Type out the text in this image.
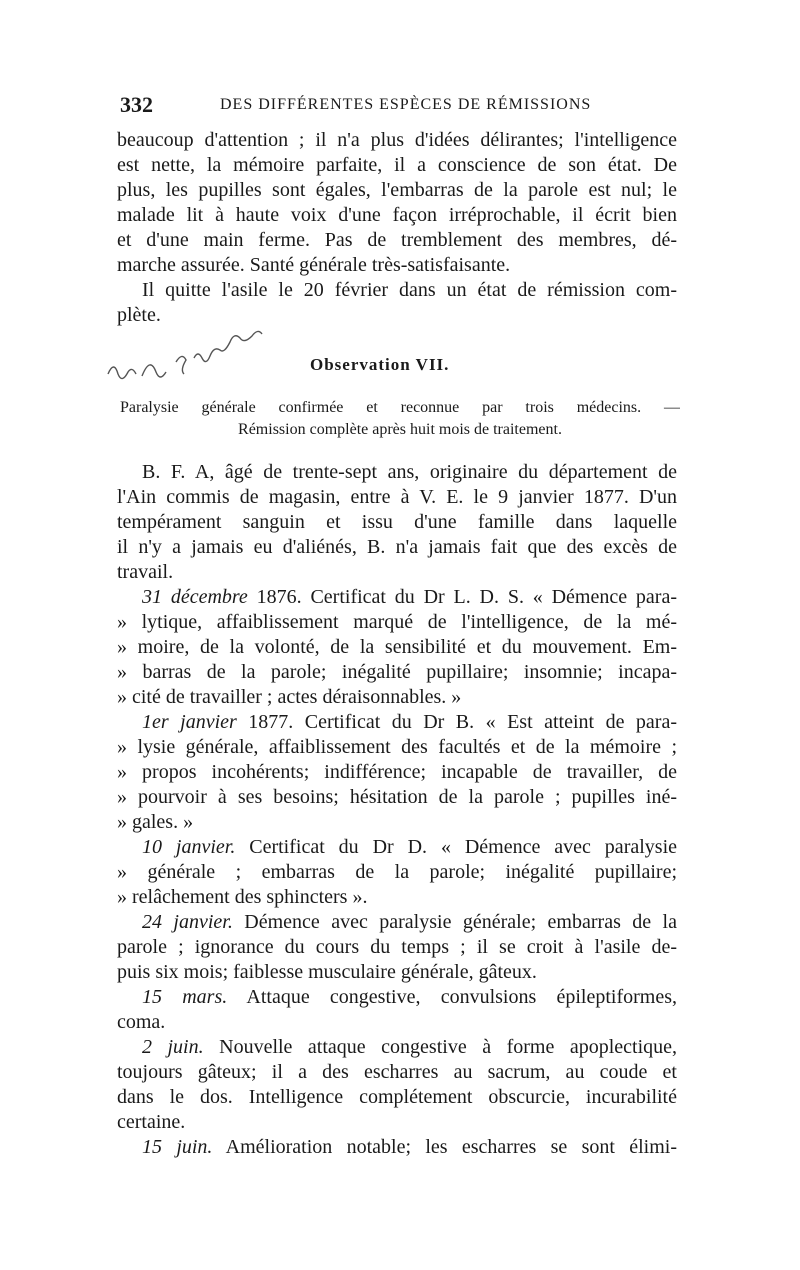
332	DES DIFFÉRENTES ESPÈCES DE RÉMISSIONS
beaucoup d'attention ; il n'a plus d'idées délirantes; l'intelligence
est nette, la mémoire parfaite, il a conscience de son état. De
plus, les pupilles sont égales, l'embarras de la parole est nul; le
malade lit à haute voix d'une façon irréprochable, il écrit bien
et d'une main ferme. Pas de tremblement des membres, dé-
marche assurée. Santé générale très-satisfaisante.
Il quitte l'asile le 20 février dans un état de rémission com-
plète.
Lèt. A. Franchet
Observation VII.
Paralysie générale confirmée et reconnue par trois médecins. —
Rémission complète après huit mois de traitement.
B. F. A, âgé de trente-sept ans, originaire du département de
l'Ain commis de magasin, entre à V. E. le 9 janvier 1877. D'un
tempérament sanguin et issu d'une famille dans laquelle
il n'y a jamais eu d'aliénés, B. n'a jamais fait que des excès de
travail.
31 décembre 1876. Certificat du Dr L. D. S. « Démence para-
» lytique, affaiblissement marqué de l'intelligence, de la mé-
» moire, de la volonté, de la sensibilité et du mouvement. Em-
» barras de la parole; inégalité pupillaire; insomnie; incapa-
» cité de travailler ; actes déraisonnables. »
1er janvier 1877. Certificat du Dr B. « Est atteint de para-
» lysie générale, affaiblissement des facultés et de la mémoire ;
» propos incohérents; indifférence; incapable de travailler, de
» pourvoir à ses besoins; hésitation de la parole ; pupilles iné-
» gales. »
10 janvier. Certificat du Dr D. « Démence avec paralysie
» générale ; embarras de la parole; inégalité pupillaire;
» relâchement des sphincters ».
24 janvier. Démence avec paralysie générale; embarras de la
parole ; ignorance du cours du temps ; il se croit à l'asile de-
puis six mois; faiblesse musculaire générale, gâteux.
15 mars. Attaque congestive, convulsions épileptiformes,
coma.
2 juin. Nouvelle attaque congestive à forme apoplectique,
toujours gâteux; il a des escharres au sacrum, au coude et
dans le dos. Intelligence complétement obscurcie, incurabilité
certaine.
15 juin. Amélioration notable; les escharres se sont élimi-
